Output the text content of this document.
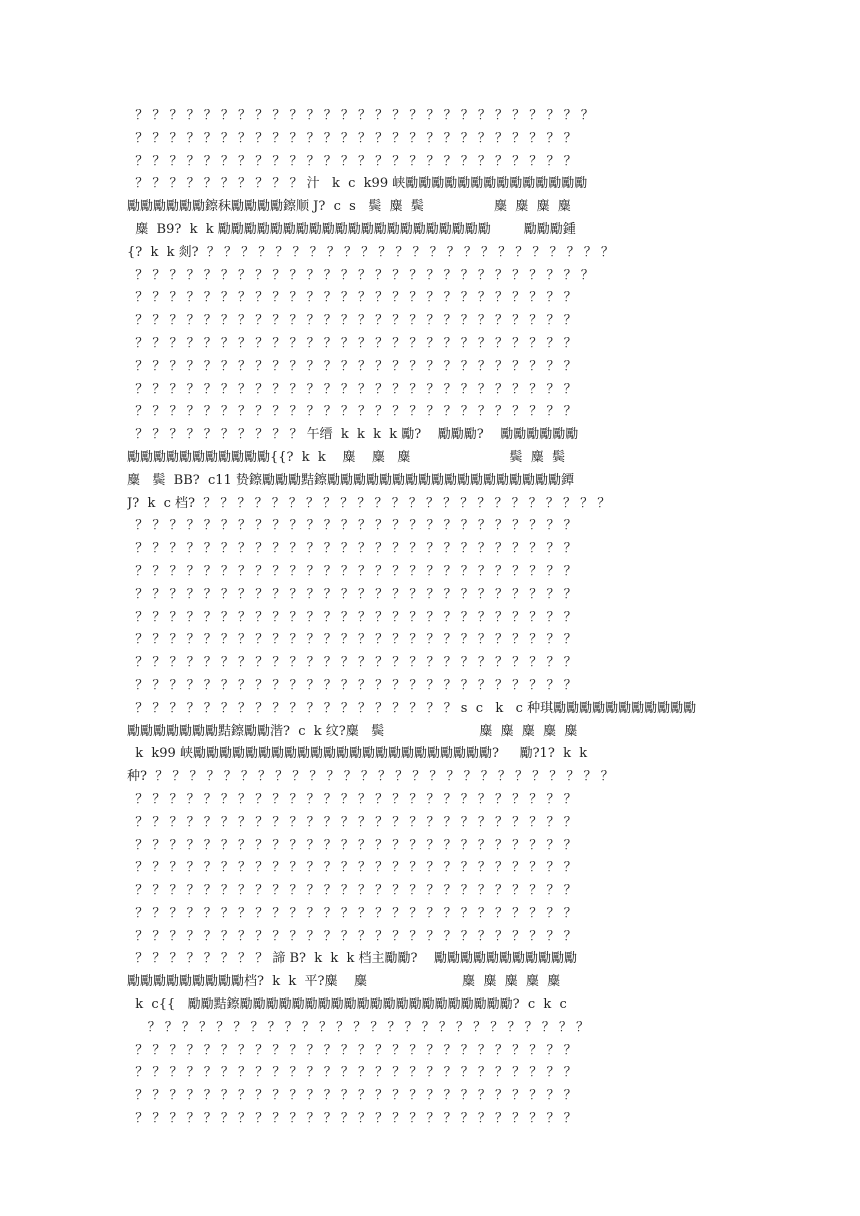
？ ？ ？ ？ ？ ？ ？ ？ ？ ？ ？ ？ ？ ？ ？ ？ ？ ？ ？ ？ ？ ？ ？ ？ ？ ？ ？
？ ？ ？ ？ ？ ？ ？ ？ ？ ？ ？ ？ ？ ？ ？ ？ ？ ？ ？ ？ ？ ？ ？ ？ ？ ？
？ ？ ？ ？ ？ ？ ？ ？ ？ ？ ？ ？ ？ ？ ？ ？ ？ ？ ？ ？ ？ ？ ？ ？ ？ ？
？ ？ ？ ？ ？ ？ ？ ？ ？ ？ 汁   k  c  k99 峡勵勵勵勵勵勵勵勵勵勵勵勵勵勵
勵勵勵勵勵勵鑔秣勵勵勵勵鑔顺 J?  c  s   鬓  麋  鬓                 麋  麋  麋  麋
麋  B9?  k  k 勵勵勵勵勵勵勵勵勵勵勵勵勵勵勵勵勵勵勵勵勵        勵勵勵鍾
{?  k  k 剡?  ？ ？ ？ ？ ？ ？ ？ ？ ？ ？ ？ ？ ？ ？ ？ ？ ？ ？ ？ ？ ？ ？ ？ ？
？ ？ ？ ？ ？ ？ ？ ？ ？ ？ ？ ？ ？ ？ ？ ？ ？ ？ ？ ？ ？ ？ ？ ？ ？ ？ ？
？ ？ ？ ？ ？ ？ ？ ？ ？ ？ ？ ？ ？ ？ ？ ？ ？ ？ ？ ？ ？ ？ ？ ？ ？ ？
？ ？ ？ ？ ？ ？ ？ ？ ？ ？ ？ ？ ？ ？ ？ ？ ？ ？ ？ ？ ？ ？ ？ ？ ？ ？
？ ？ ？ ？ ？ ？ ？ ？ ？ ？ ？ ？ ？ ？ ？ ？ ？ ？ ？ ？ ？ ？ ？ ？ ？ ？
？ ？ ？ ？ ？ ？ ？ ？ ？ ？ ？ ？ ？ ？ ？ ？ ？ ？ ？ ？ ？ ？ ？ ？ ？ ？
？ ？ ？ ？ ？ ？ ？ ？ ？ ？ ？ ？ ？ ？ ？ ？ ？ ？ ？ ？ ？ ？ ？ ？ ？ ？
？ ？ ？ ？ ？ ？ ？ ？ ？ ？ ？ ？ ？ ？ ？ ？ ？ ？ ？ ？ ？ ？ ？ ？ ？ ？
？ ？ ？ ？ ？ ？ ？ ？ ？ ？ 午缙  k  k  k  k 勵?    勵勵勵?    勵勵勵勵勵勵
勵勵勵勵勵勵勵勵勵勵勵{{?  k  k    麋    麋   麋                        鬓  麋  鬓
麋   鬓  BB?  c11 贽鑔勵勵勵黠鑔勵勵勵勵勵勵勵勵勵勵勵勵勵勵勵勵勵勵鐔
J?  k  c 档?  ？ ？ ？ ？ ？ ？ ？ ？ ？ ？ ？ ？ ？ ？ ？ ？ ？ ？ ？ ？ ？ ？ ？ ？
？ ？ ？ ？ ？ ？ ？ ？ ？ ？ ？ ？ ？ ？ ？ ？ ？ ？ ？ ？ ？ ？ ？ ？ ？ ？
？ ？ ？ ？ ？ ？ ？ ？ ？ ？ ？ ？ ？ ？ ？ ？ ？ ？ ？ ？ ？ ？ ？ ？ ？ ？
？ ？ ？ ？ ？ ？ ？ ？ ？ ？ ？ ？ ？ ？ ？ ？ ？ ？ ？ ？ ？ ？ ？ ？ ？ ？
？ ？ ？ ？ ？ ？ ？ ？ ？ ？ ？ ？ ？ ？ ？ ？ ？ ？ ？ ？ ？ ？ ？ ？ ？ ？
？ ？ ？ ？ ？ ？ ？ ？ ？ ？ ？ ？ ？ ？ ？ ？ ？ ？ ？ ？ ？ ？ ？ ？ ？ ？
？ ？ ？ ？ ？ ？ ？ ？ ？ ？ ？ ？ ？ ？ ？ ？ ？ ？ ？ ？ ？ ？ ？ ？ ？ ？
？ ？ ？ ？ ？ ？ ？ ？ ？ ？ ？ ？ ？ ？ ？ ？ ？ ？ ？ ？ ？ ？ ？ ？ ？ ？
？ ？ ？ ？ ？ ？ ？ ？ ？ ？ ？ ？ ？ ？ ？ ？ ？ ？ ？ ？ ？ ？ ？ ？ ？ ？
？ ？ ？ ？ ？ ？ ？ ？ ？ ？ ？ ？ ？ ？ ？ ？ ？ ？ ？ s  c   k   c 种琪勵勵勵勵勵勵勵勵勵勵勵
勵勵勵勵勵勵勵黠鑔勵勵湝?  c  k 纹?麋   鬓                       麋  麋  麋  麋  麋
k  k99 峡勵勵勵勵勵勵勵勵勵勵勵勵勵勵勵勵勵勵勵勵勵勵勵?     勵?1?  k  k
种?  ？ ？ ？ ？ ？ ？ ？ ？ ？ ？ ？ ？ ？ ？ ？ ？ ？ ？ ？ ？ ？ ？ ？ ？ ？ ？ ？
？ ？ ？ ？ ？ ？ ？ ？ ？ ？ ？ ？ ？ ？ ？ ？ ？ ？ ？ ？ ？ ？ ？ ？ ？ ？
？ ？ ？ ？ ？ ？ ？ ？ ？ ？ ？ ？ ？ ？ ？ ？ ？ ？ ？ ？ ？ ？ ？ ？ ？ ？
？ ？ ？ ？ ？ ？ ？ ？ ？ ？ ？ ？ ？ ？ ？ ？ ？ ？ ？ ？ ？ ？ ？ ？ ？ ？
？ ？ ？ ？ ？ ？ ？ ？ ？ ？ ？ ？ ？ ？ ？ ？ ？ ？ ？ ？ ？ ？ ？ ？ ？ ？
？ ？ ？ ？ ？ ？ ？ ？ ？ ？ ？ ？ ？ ？ ？ ？ ？ ？ ？ ？ ？ ？ ？ ？ ？ ？
？ ？ ？ ？ ？ ？ ？ ？ ？ ？ ？ ？ ？ ？ ？ ？ ？ ？ ？ ？ ？ ？ ？ ？ ？ ？
？ ？ ？ ？ ？ ？ ？ ？ ？ ？ ？ ？ ？ ？ ？ ？ ？ ？ ？ ？ ？ ？ ？ ？ ？ ？
？ ？ ？ ？ ？ ？ ？ ？ 諦 B?  k  k  k 档主勵勵?    勵勵勵勵勵勵勵勵勵勵勵
勵勵勵勵勵勵勵勵勵档?  k  k  平?麋    麋                       麋  麋  麋  麋  麋
k  c{{   勵勵黠鑔勵勵勵勵勵勵勵勵勵勵勵勵勵勵勵勵勵勵勵勵勵?  c  k  c
？ ？ ？ ？ ？ ？ ？ ？ ？ ？ ？ ？ ？ ？ ？ ？ ？ ？ ？ ？ ？ ？ ？ ？ ？ ？
？ ？ ？ ？ ？ ？ ？ ？ ？ ？ ？ ？ ？ ？ ？ ？ ？ ？ ？ ？ ？ ？ ？ ？ ？ ？
？ ？ ？ ？ ？ ？ ？ ？ ？ ？ ？ ？ ？ ？ ？ ？ ？ ？ ？ ？ ？ ？ ？ ？ ？ ？
？ ？ ？ ？ ？ ？ ？ ？ ？ ？ ？ ？ ？ ？ ？ ？ ？ ？ ？ ？ ？ ？ ？ ？ ？ ？
？ ？ ？ ？ ？ ？ ？ ？ ？ ？ ？ ？ ？ ？ ？ ？ ？ ？ ？ ？ ？ ？ ？ ？ ？ ？
